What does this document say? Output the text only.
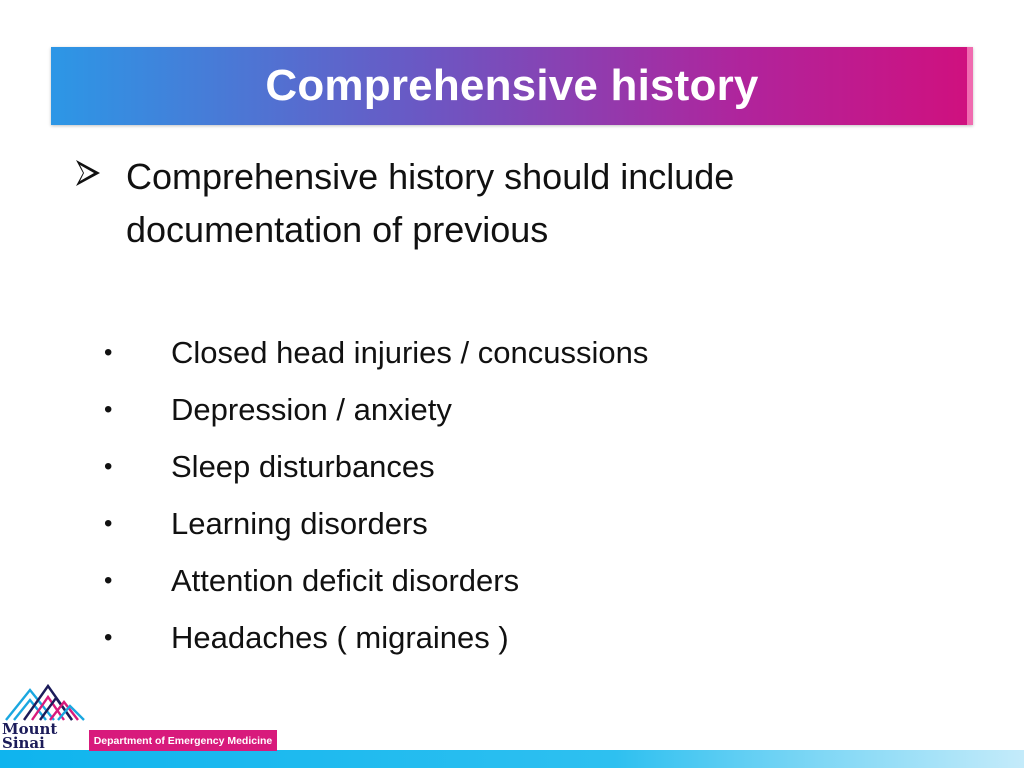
Comprehensive history
Comprehensive history should include documentation of previous
•	Closed head injuries / concussions
•	Depression / anxiety
•	Sleep disturbances
•	Learning disorders
•	Attention deficit disorders
•	Headaches ( migraines )
Mount
Sinai	Department of Emergency Medicine
